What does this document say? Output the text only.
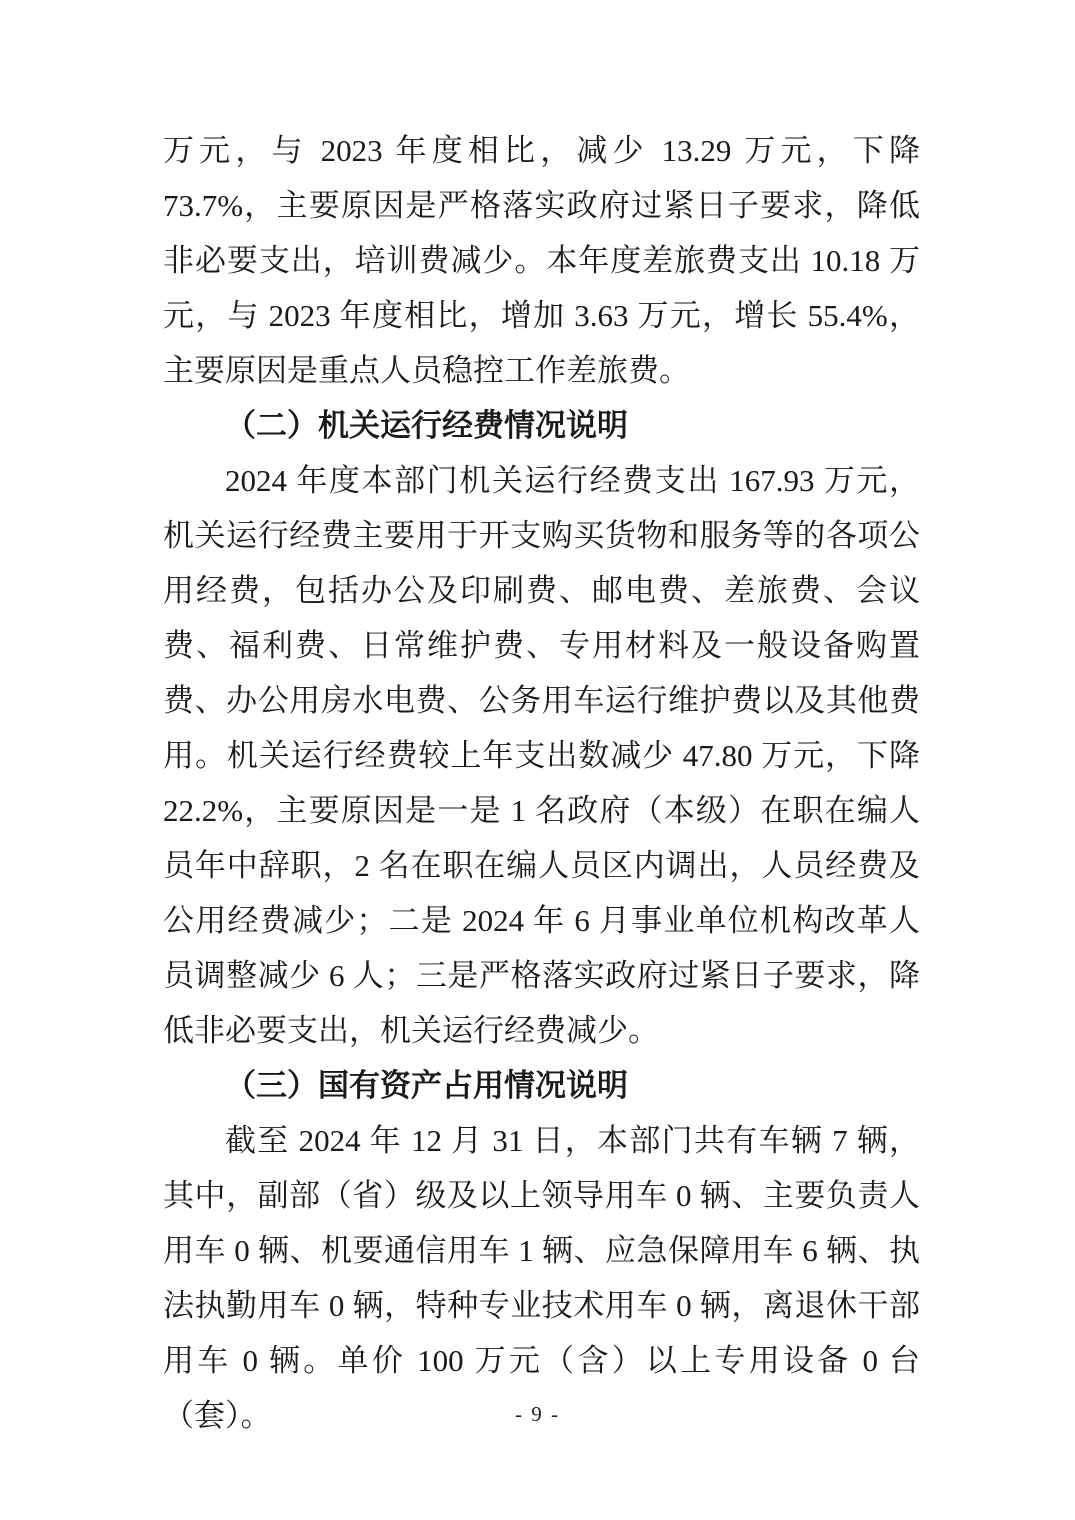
万元，与 2023 年度相比，减少 13.29 万元，下降 73.7%，主要原因是严格落实政府过紧日子要求，降低非必要支出，培训费减少。本年度差旅费支出 10.18 万元，与 2023 年度相比，增加 3.63 万元，增长 55.4%，主要原因是重点人员稳控工作差旅费。

（二）机关运行经费情况说明

2024 年度本部门机关运行经费支出 167.93 万元，机关运行经费主要用于开支购买货物和服务等的各项公用经费，包括办公及印刷费、邮电费、差旅费、会议费、福利费、日常维护费、专用材料及一般设备购置费、办公用房水电费、公务用车运行维护费以及其他费用。机关运行经费较上年支出数减少 47.80 万元，下降 22.2%，主要原因是一是 1 名政府（本级）在职在编人员年中辞职，2 名在职在编人员区内调出，人员经费及公用经费减少；二是 2024 年 6 月事业单位机构改革人员调整减少 6 人；三是严格落实政府过紧日子要求，降低非必要支出，机关运行经费减少。

（三）国有资产占用情况说明

截至 2024 年 12 月 31 日，本部门共有车辆 7 辆，其中，副部（省）级及以上领导用车 0 辆、主要负责人用车 0 辆、机要通信用车 1 辆、应急保障用车 6 辆、执法执勤用车 0 辆，特种专业技术用车 0 辆，离退休干部用车 0 辆。单价 100 万元（含）以上专用设备 0 台（套）。	- 9 -
